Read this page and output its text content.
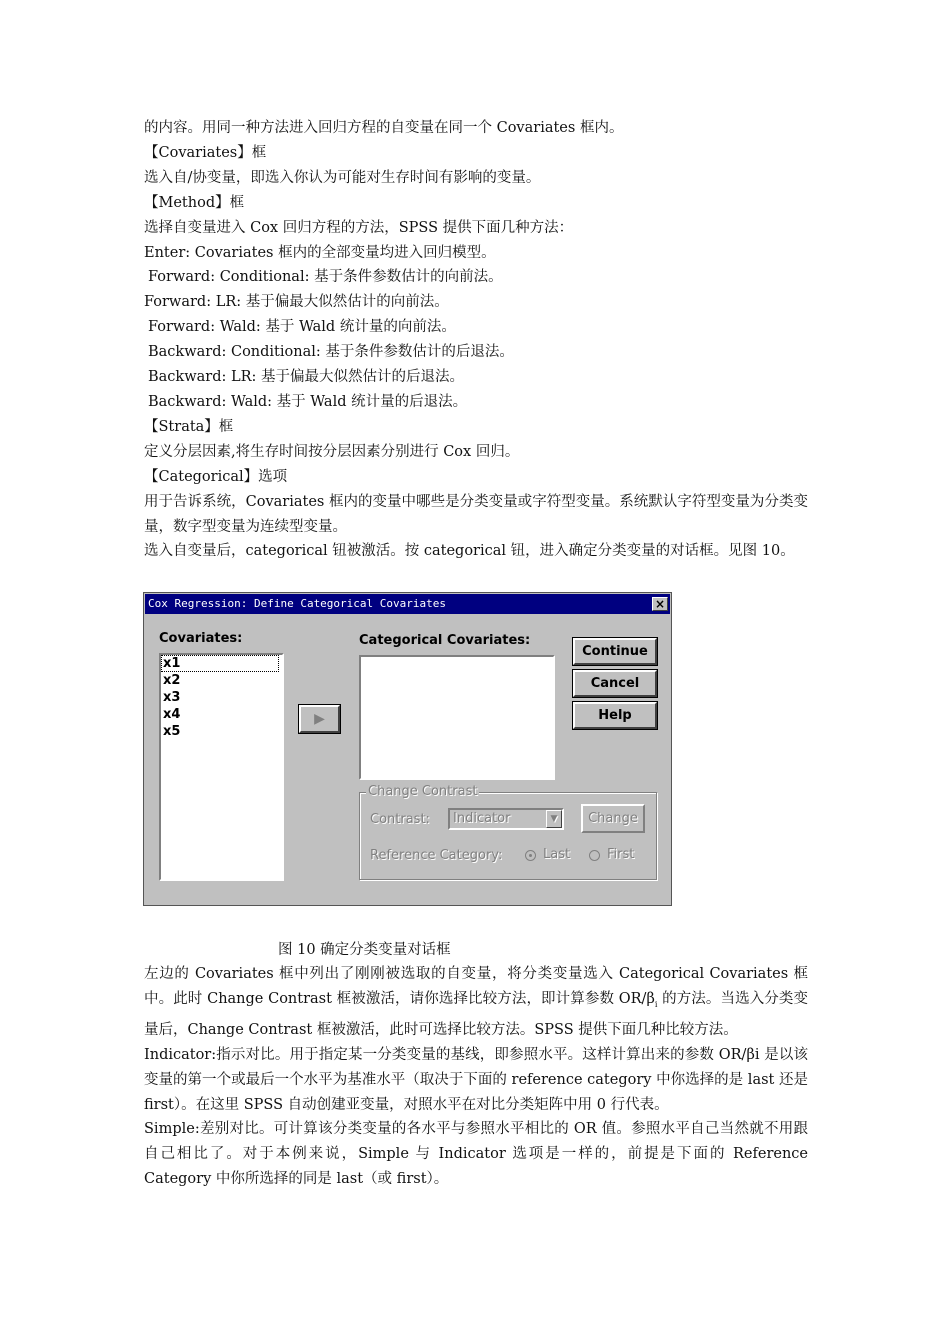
的内容。用同一种方法进入回归方程的自变量在同一个 Covariates 框内。

【Covariates】框

选入自/协变量，即选入你认为可能对生存时间有影响的变量。

【Method】框

选择自变量进入 Cox 回归方程的方法，SPSS 提供下面几种方法：

Enter: Covariates 框内的全部变量均进入回归模型。

Forward: Conditional: 基于条件参数估计的向前法。

Forward: LR: 基于偏最大似然估计的向前法。

Forward: Wald: 基于 Wald 统计量的向前法。

Backward: Conditional: 基于条件参数估计的后退法。

Backward: LR: 基于偏最大似然估计的后退法。

Backward: Wald: 基于 Wald 统计量的后退法。

【Strata】框

定义分层因素,将生存时间按分层因素分别进行 Cox 回归。

【Categorical】选项

用于告诉系统，Covariates 框内的变量中哪些是分类变量或字符型变量。系统默认字符型变量为分类变量，数字型变量为连续型变量。

选入自变量后，categorical 钮被激活。按 categorical 钮，进入确定分类变量的对话框。见图 10。

Cox Regression: Define Categorical Covariates	×
Covariates:
x1
x2
x3
x4
x5
▶
Categorical Covariates:
Continue
Cancel
Help
Change Contrast
Contrast:	Indicator	▼	Change
Reference Category:	Last	First
图 10 确定分类变量对话框

左边的 Covariates 框中列出了刚刚被选取的自变量，将分类变量选入 Categorical Covariates 框中。此时 Change Contrast 框被激活，请你选择比较方法，即计算参数 $OR/\beta_i$ 的方法。当选入分类变量后，Change Contrast 框被激活，此时可选择比较方法。SPSS 提供下面几种比较方法。

Indicator:指示对比。用于指定某一分类变量的基线，即参照水平。这样计算出来的参数 OR/βi 是以该变量的第一个或最后一个水平为基准水平（取决于下面的 reference category 中你选择的是 last 还是 first）。在这里 SPSS 自动创建亚变量，对照水平在对比分类矩阵中用 0 行代表。

Simple:差别对比。可计算该分类变量的各水平与参照水平相比的 OR 值。参照水平自己当然就不用跟自己相比了。对于本例来说，Simple 与 Indicator 选项是一样的，前提是下面的 Reference Category 中你所选择的同是 last（或 first）。
